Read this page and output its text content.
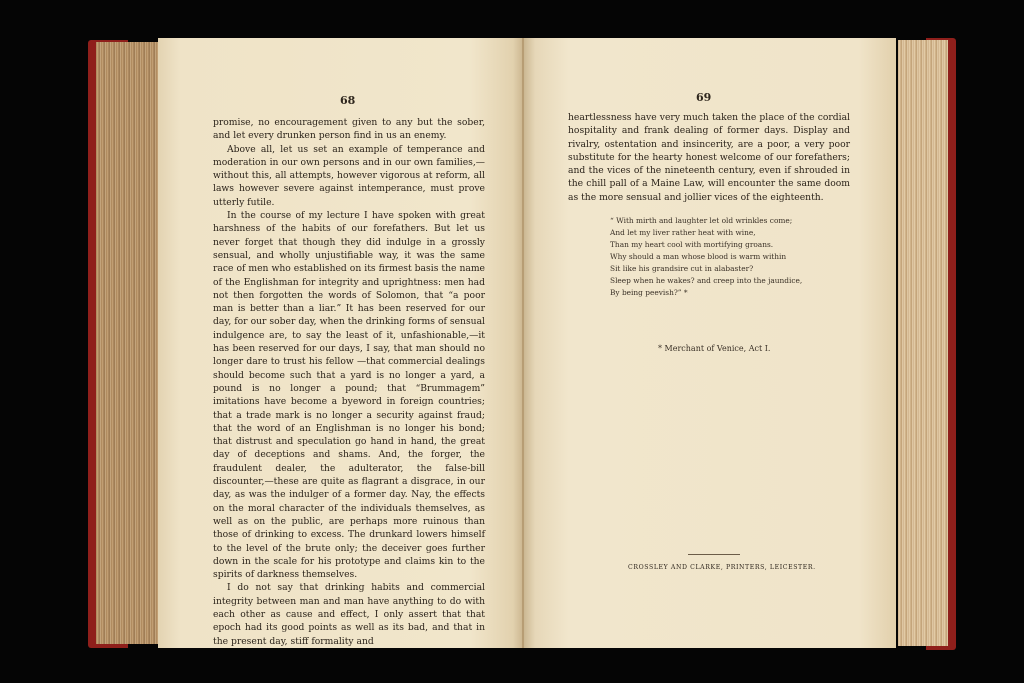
68

promise, no encouragement given to any but the sober, and let every drunken person find in us an enemy.

Above all, let us set an example of temperance and moderation in our own persons and in our own families,—without this, all attempts, however vigorous at reform, all laws however severe against intemperance, must prove utterly futile.

In the course of my lecture I have spoken with great harshness of the habits of our forefathers. But let us never forget that though they did indulge in a grossly sensual, and wholly unjustifiable way, it was the same race of men who established on its firmest basis the name of the Englishman for integrity and uprightness: men had not then forgotten the words of Solomon, that “a poor man is better than a liar.” It has been reserved for our day, for our sober day, when the drinking forms of sensual indulgence are, to say the least of it, unfashionable,—it has been reserved for our days, I say, that man should no longer dare to trust his fellow —that commercial dealings should become such that a yard is no longer a yard, a pound is no longer a pound; that “Brummagem” imitations have become a byeword in foreign countries; that a trade mark is no longer a security against fraud; that the word of an Englishman is no longer his bond; that distrust and speculation go hand in hand, the great day of deceptions and shams. And, the forger, the fraudulent dealer, the adulterator, the false-bill discounter,—these are quite as flagrant a disgrace, in our day, as was the indulger of a former day. Nay, the effects on the moral character of the individuals themselves, as well as on the public, are perhaps more ruinous than those of drinking to excess. The drunkard lowers himself to the level of the brute only; the deceiver goes further down in the scale for his prototype and claims kin to the spirits of darkness themselves.

I do not say that drinking habits and commercial integrity between man and man have anything to do with each other as cause and effect, I only assert that that epoch had its good points as well as its bad, and that in the present day, stiff formality and

69

heartlessness have very much taken the place of the cordial hospitality and frank dealing of former days. Display and rivalry, ostentation and insincerity, are a poor, a very poor substitute for the hearty honest welcome of our forefathers; and the vices of the nineteenth century, even if shrouded in the chill pall of a Maine Law, will encounter the same doom as the more sensual and jollier vices of the eighteenth.

“ With mirth and laughter let old wrinkles come;
And let my liver rather heat with wine,
Than my heart cool with mortifying groans.
Why should a man whose blood is warm within
Sit like his grandsire cut in alabaster?
Sleep when he wakes? and creep into the jaundice,
By being peevish?” *
* Merchant of Venice, Act I.
CROSSLEY AND CLARKE, PRINTERS, LEICESTER.
